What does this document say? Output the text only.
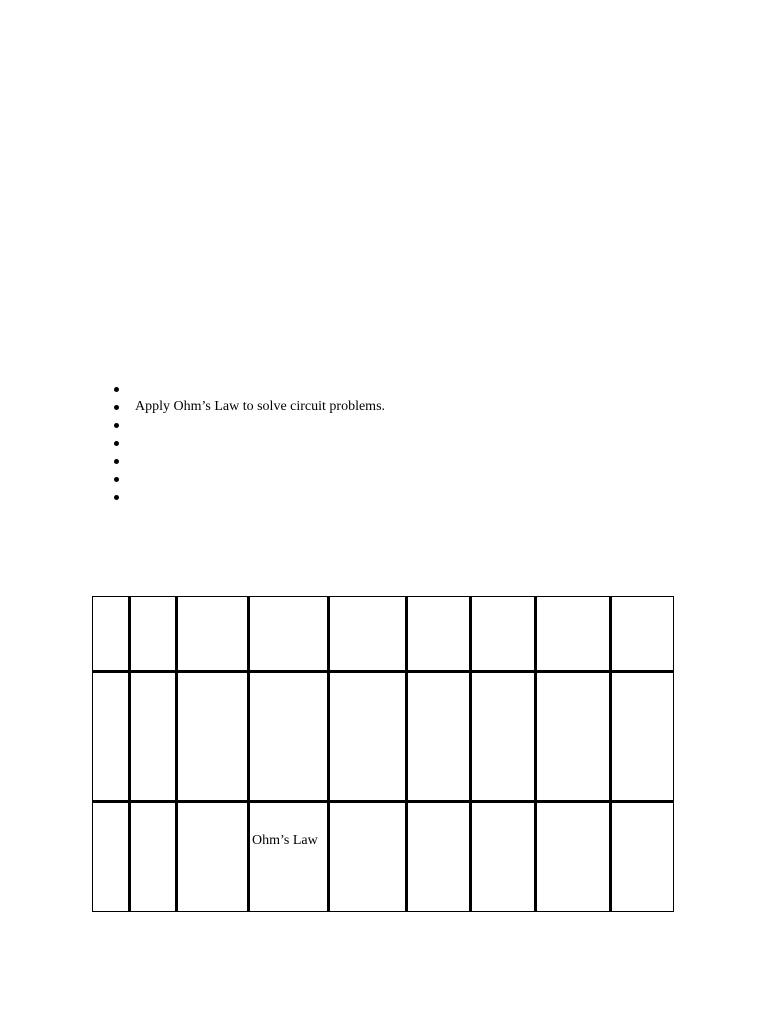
Apply Ohm’s Law to solve circuit problems.

			Ohm’s Law					
